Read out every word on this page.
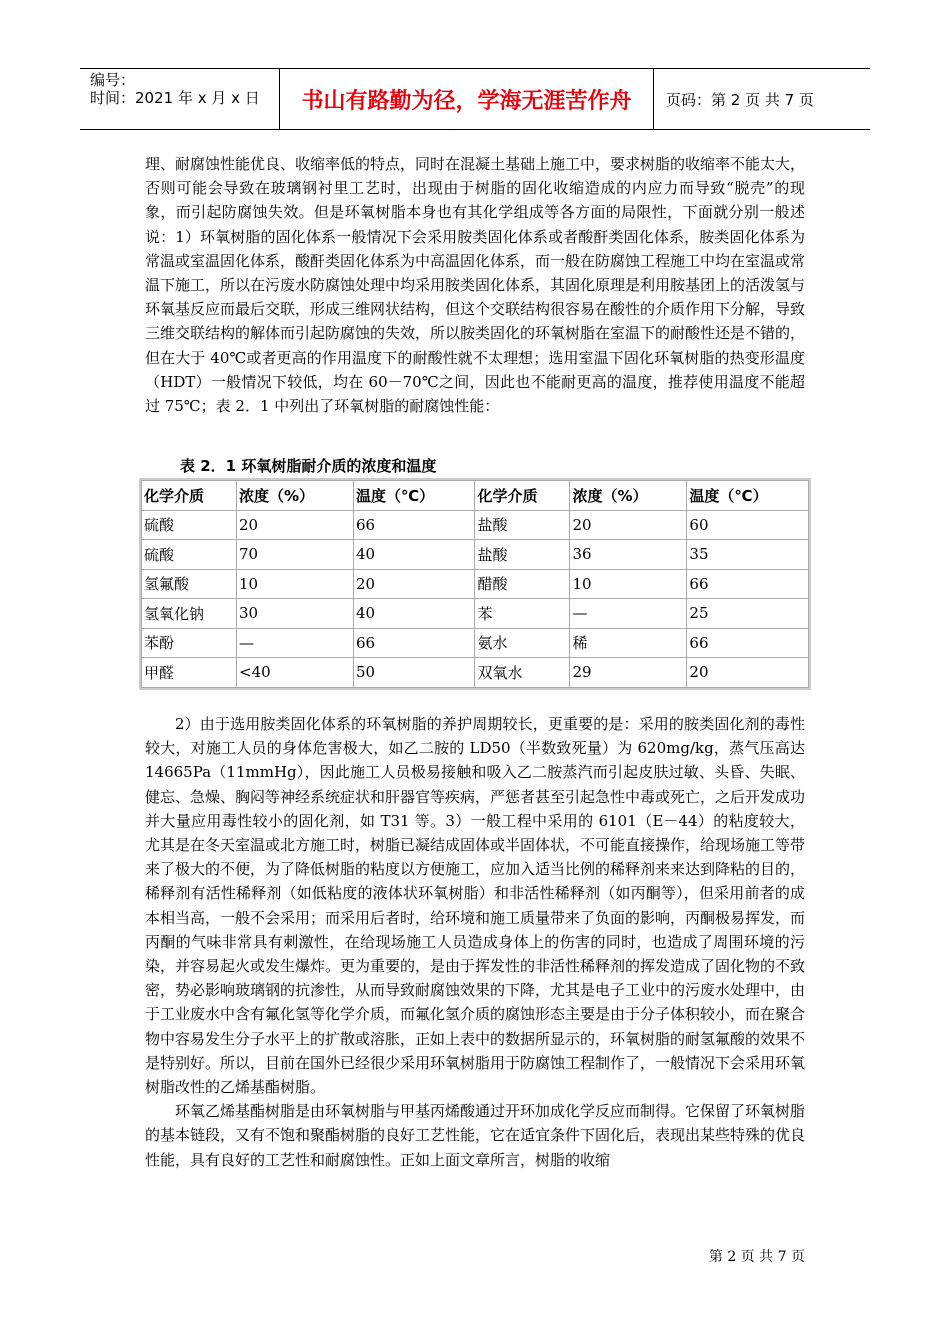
编号：
时间：2021 年 x 月 x 日	书山有路勤为径，学海无涯苦作舟	页码：第 2 页 共 7 页

理、耐腐蚀性能优良、收缩率低的特点，同时在混凝土基础上施工中，要求树脂的收缩率不能太大，否则可能会导致在玻璃钢衬里工艺时，出现由于树脂的固化收缩造成的内应力而导致“脱壳”的现象，而引起防腐蚀失效。但是环氧树脂本身也有其化学组成等各方面的局限性，下面就分别一般述说：1）环氧树脂的固化体系一般情况下会采用胺类固化体系或者酸酐类固化体系，胺类固化体系为常温或室温固化体系，酸酐类固化体系为中高温固化体系，而一般在防腐蚀工程施工中均在室温或常温下施工，所以在污废水防腐蚀处理中均采用胺类固化体系，其固化原理是利用胺基团上的活泼氢与环氧基反应而最后交联，形成三维网状结构，但这个交联结构很容易在酸性的介质作用下分解，导致三维交联结构的解体而引起防腐蚀的失效，所以胺类固化的环氧树脂在室温下的耐酸性还是不错的，但在大于 40℃或者更高的作用温度下的耐酸性就不太理想；选用室温下固化环氧树脂的热变形温度（HDT）一般情况下较低，均在 60－70℃之间，因此也不能耐更高的温度，推荐使用温度不能超过 75℃；表 2．1 中列出了环氧树脂的耐腐蚀性能：

表 2．1 环氧树脂耐介质的浓度和温度
化学介质	浓度（%）	温度（℃）	化学介质	浓度（%）	温度（℃）
硫酸	20	66	盐酸	20	60
硫酸	70	40	盐酸	36	35
氢氟酸	10	20	醋酸	10	66
氢氧化钠	30	40	苯	—	25
苯酚	—	66	氨水	稀	66
甲醛	<40	50	双氧水	29	20

2）由于选用胺类固化体系的环氧树脂的养护周期较长，更重要的是：采用的胺类固化剂的毒性较大，对施工人员的身体危害极大，如乙二胺的 LD50（半数致死量）为 620mg/kg，蒸气压高达 14665Pa（11mmHg），因此施工人员极易接触和吸入乙二胺蒸汽而引起皮肤过敏、头昏、失眠、健忘、急燥、胸闷等神经系统症状和肝器官等疾病，严惩者甚至引起急性中毒或死亡，之后开发成功并大量应用毒性较小的固化剂，如 T31 等。3）一般工程中采用的 6101（E－44）的粘度较大，尤其是在冬天室温或北方施工时，树脂已凝结成固体或半固体状，不可能直接操作，给现场施工等带来了极大的不便，为了降低树脂的粘度以方便施工，应加入适当比例的稀释剂来来达到降粘的目的，稀释剂有活性稀释剂（如低粘度的液体状环氧树脂）和非活性稀释剂（如丙酮等），但采用前者的成本相当高，一般不会采用；而采用后者时，给环境和施工质量带来了负面的影响，丙酮极易挥发，而丙酮的气味非常具有刺激性，在给现场施工人员造成身体上的伤害的同时，也造成了周围环境的污染，并容易起火或发生爆炸。更为重要的，是由于挥发性的非活性稀释剂的挥发造成了固化物的不致密，势必影响玻璃钢的抗渗性，从而导致耐腐蚀效果的下降，尤其是电子工业中的污废水处理中，由于工业废水中含有氟化氢等化学介质，而氟化氢介质的腐蚀形态主要是由于分子体积较小，而在聚合物中容易发生分子水平上的扩散或溶胀，正如上表中的数据所显示的，环氧树脂的耐氢氟酸的效果不是特别好。所以，目前在国外已经很少采用环氧树脂用于防腐蚀工程制作了，一般情况下会采用环氧树脂改性的乙烯基酯树脂。

环氧乙烯基酯树脂是由环氧树脂与甲基丙烯酸通过开环加成化学反应而制得。它保留了环氧树脂的基本链段，又有不饱和聚酯树脂的良好工艺性能，它在适宜条件下固化后，表现出某些特殊的优良性能，具有良好的工艺性和耐腐蚀性。正如上面文章所言，树脂的收缩

第 2 页 共 7 页
